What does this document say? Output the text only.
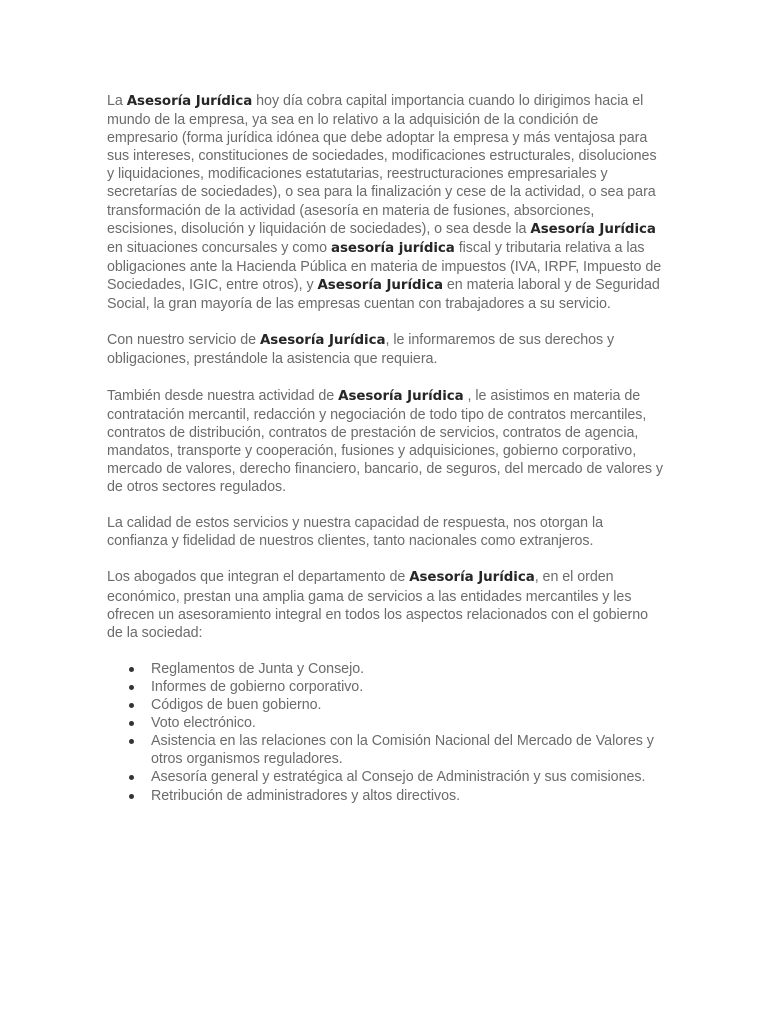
La Asesoría Jurídica hoy día cobra capital importancia cuando lo dirigimos hacia el mundo de la empresa, ya sea en lo relativo a la adquisición de la condición de empresario (forma jurídica idónea que debe adoptar la empresa y más ventajosa para sus intereses, constituciones de sociedades, modificaciones estructurales, disoluciones y liquidaciones, modificaciones estatutarias, reestructuraciones empresariales y secretarías de sociedades), o sea para la finalización y cese de la actividad, o sea para transformación de la actividad (asesoría en materia de fusiones, absorciones, escisiones, disolución y liquidación de sociedades), o sea desde la Asesoría Jurídica en situaciones concursales y como asesoría jurídica fiscal y tributaria relativa a las obligaciones ante la Hacienda Pública en materia de impuestos (IVA, IRPF, Impuesto de Sociedades, IGIC, entre otros), y Asesoría Jurídica en materia laboral y de Seguridad Social, la gran mayoría de las empresas cuentan con trabajadores a su servicio.

Con nuestro servicio de Asesoría Jurídica, le informaremos de sus derechos y obligaciones, prestándole la asistencia que requiera.

También desde nuestra actividad de Asesoría Jurídica , le asistimos en materia de contratación mercantil, redacción y negociación de todo tipo de contratos mercantiles, contratos de distribución, contratos de prestación de servicios, contratos de agencia, mandatos, transporte y cooperación, fusiones y adquisiciones, gobierno corporativo, mercado de valores, derecho financiero, bancario, de seguros, del mercado de valores y de otros sectores regulados.

La calidad de estos servicios y nuestra capacidad de respuesta, nos otorgan la confianza y fidelidad de nuestros clientes, tanto nacionales como extranjeros.

Los abogados que integran el departamento de Asesoría Jurídica, en el orden económico, prestan una amplia gama de servicios a las entidades mercantiles y les ofrecen un asesoramiento integral en todos los aspectos relacionados con el gobierno de la sociedad:

Reglamentos de Junta y Consejo.
Informes de gobierno corporativo.
Códigos de buen gobierno.
Voto electrónico.
Asistencia en las relaciones con la Comisión Nacional del Mercado de Valores y otros organismos reguladores.
Asesoría general y estratégica al Consejo de Administración y sus comisiones.
Retribución de administradores y altos directivos.
